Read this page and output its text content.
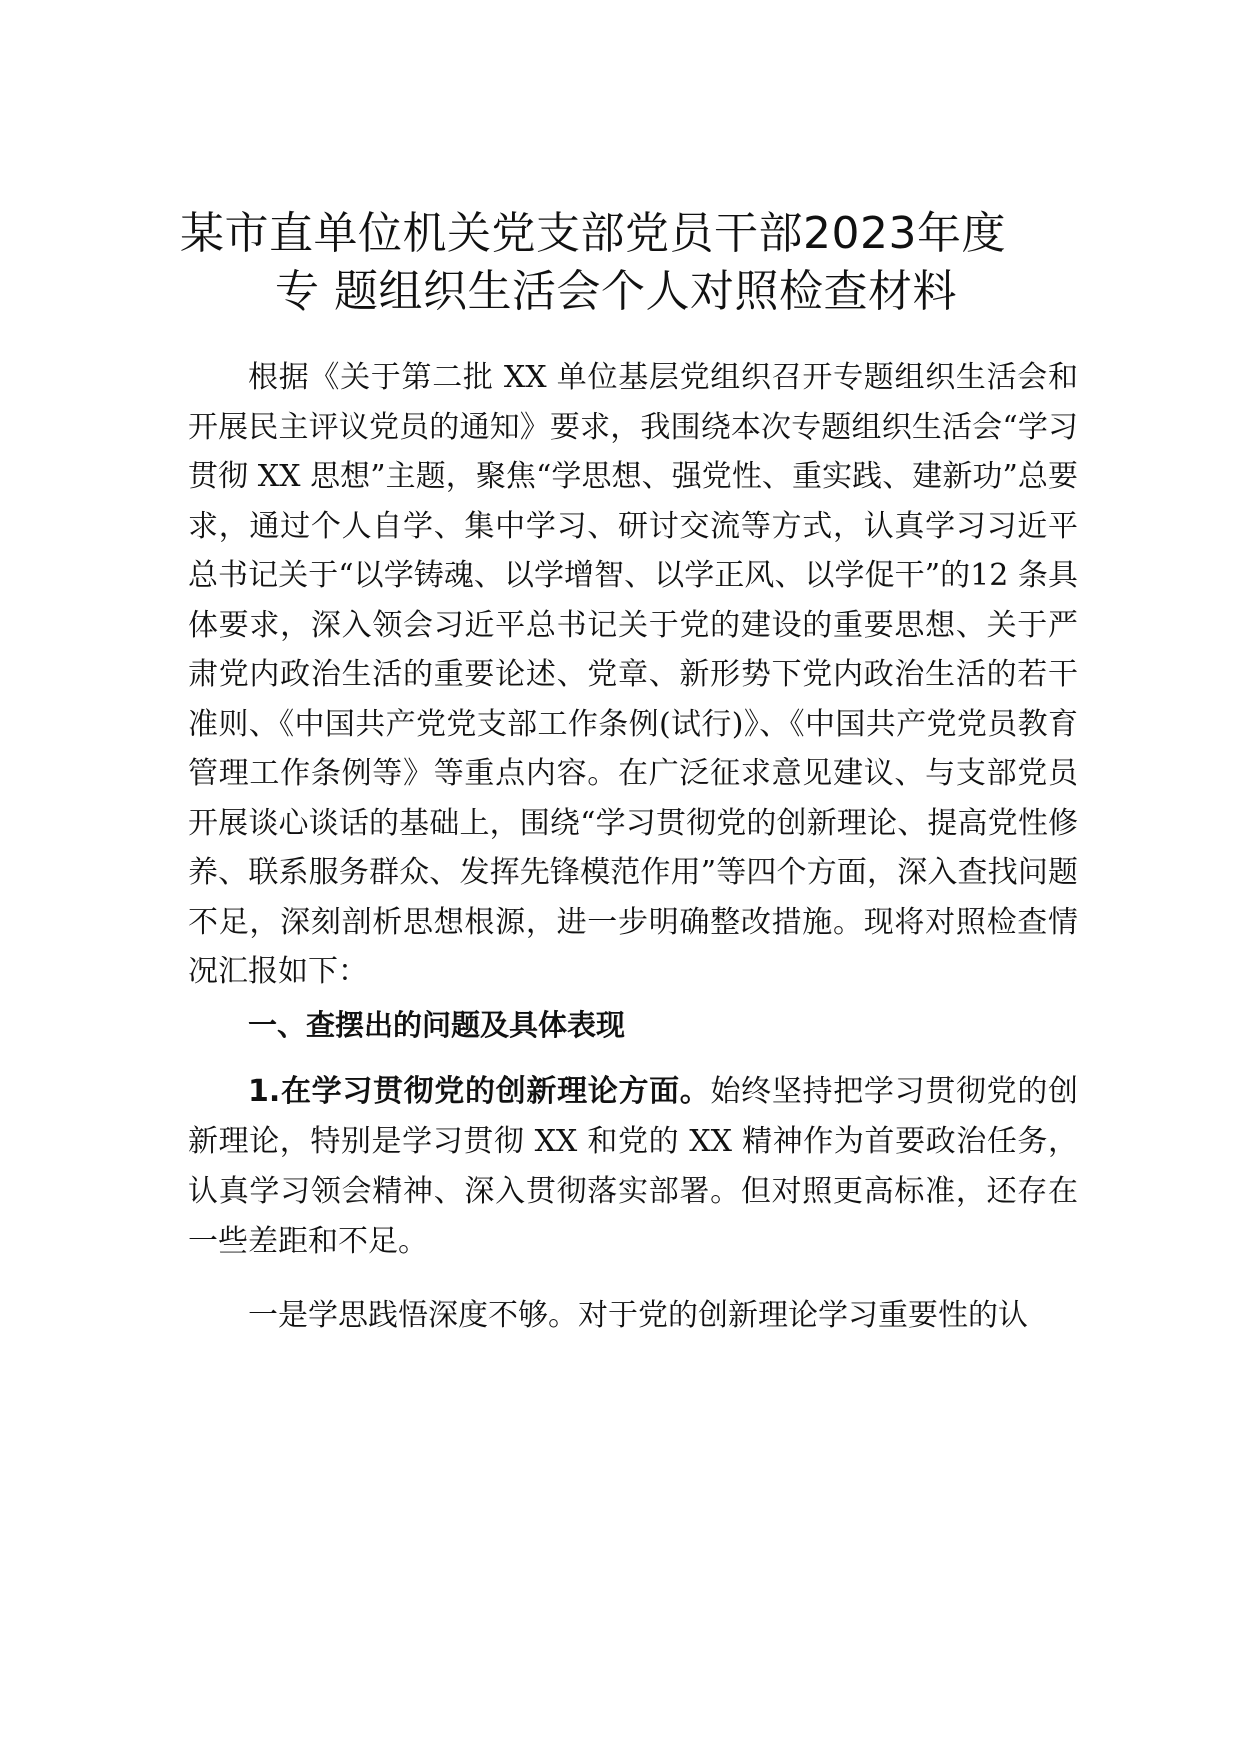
某市直单位机关党支部党员干部2023年度
专 题组织生活会个人对照检查材料

根据《关于第二批 XX 单位基层党组织召开专题组织生活会和开展民主评议党员的通知》要求，我围绕本次专题组织生活会“学习贯彻 XX 思想”主题，聚焦“学思想、强党性、重实践、建新功”总要求，通过个人自学、集中学习、研讨交流等方式，认真学习习近平总书记关于“以学铸魂、以学增智、以学正风、以学促干”的12 条具体要求，深入领会习近平总书记关于党的建设的重要思想、关于严肃党内政治生活的重要论述、党章、新形势下党内政治生活的若干准则、《中国共产党党支部工作条例(试行)》、《中国共产党党员教育管理工作条例等》等重点内容。在广泛征求意见建议、与支部党员开展谈心谈话的基础上，围绕“学习贯彻党的创新理论、提高党性修养、联系服务群众、发挥先锋模范作用”等四个方面，深入查找问题不足，深刻剖析思想根源，进一步明确整改措施。现将对照检查情况汇报如下：

一、查摆出的问题及具体表现

1.在学习贯彻党的创新理论方面。始终坚持把学习贯彻党的创新理论，特别是学习贯彻 XX 和党的 XX 精神作为首要政治任务，认真学习领会精神、深入贯彻落实部署。但对照更高标准，还存在一些差距和不足。

一是学思践悟深度不够。对于党的创新理论学习重要性的认
